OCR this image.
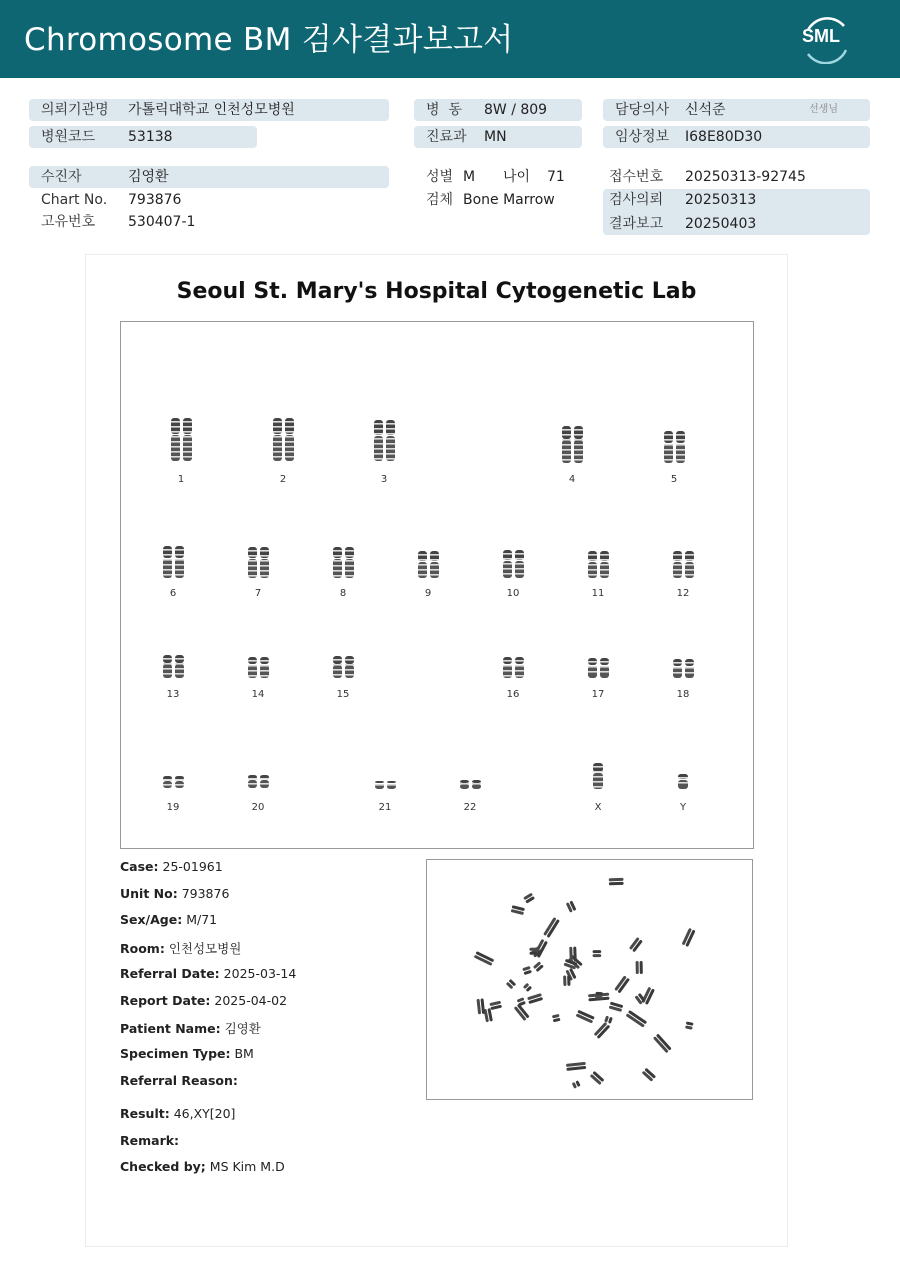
Chromosome BM 검사결과보고서	SML
의뢰기관명 가톨릭대학교 인천성모병원
병원코드 53138
병  동 8W / 809
진료과 MN
담당의사 신석준	선생님
임상정보 I68E80D30
수진자	김영환
Chart No. 793876
고유번호 530407-1
성별 M 나이 71
검체 Bone Marrow
접수번호 20250313-92745
검사의뢰 20250313
결과보고 20250403
Seoul St. Mary's Hospital Cytogenetic Lab
1	2	3	4	5
6	7	8	9	10	11	12
13	14	15	16	17	18
19	20	21	22	X	Y
Case: 25-01961
Unit No: 793876
Sex/Age: M/71
Room: 인천성모병원
Referral Date: 2025-03-14
Report Date: 2025-04-02
Patient Name: 김영환
Specimen Type: BM
Referral Reason:
Result: 46,XY[20]
Remark:
Checked by; MS Kim M.D
